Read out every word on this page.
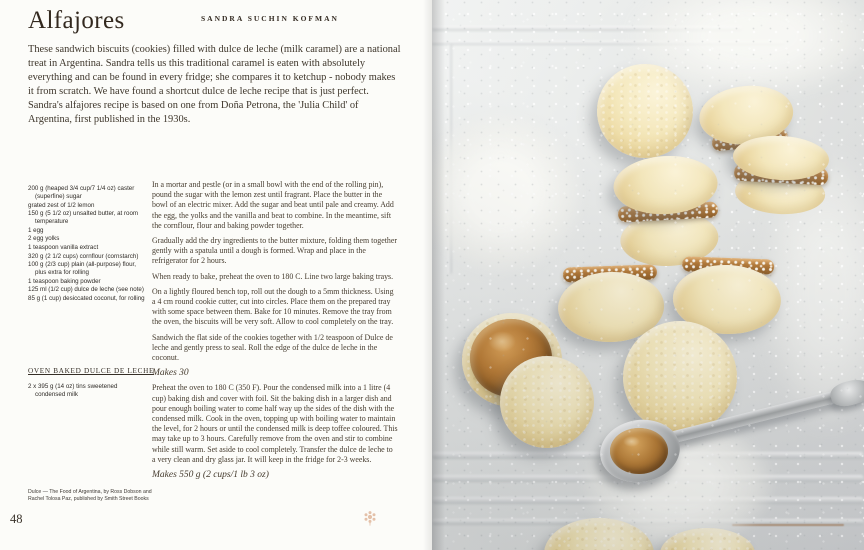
Alfajores	SANDRA SUCHIN KOFMAN
These sandwich biscuits (cookies) filled with dulce de leche (milk caramel) are a national treat in Argentina. Sandra tells us this traditional caramel is eaten with absolutely everything and can be found in every fridge; she compares it to ketchup - nobody makes it from scratch. We have found a shortcut dulce de leche recipe that is just perfect. Sandra's alfajores recipe is based on one from Doña Petrona, the 'Julia Child' of Argentina, first published in the 1930s.
200 g (heaped 3/4 cup/7 1/4 oz) caster (superfine) sugar
grated zest of 1/2 lemon
150 g (5 1/2 oz) unsalted butter, at room temperature
1 egg
2 egg yolks
1 teaspoon vanilla extract
320 g (2 1/2 cups) cornflour (cornstarch)
100 g (2/3 cup) plain (all-purpose) flour, plus extra for rolling
1 teaspoon baking powder
125 ml (1/2 cup) dulce de leche (see note)
85 g (1 cup) desiccated coconut, for rolling
OVEN BAKED DULCE DE LECHE
2 x 395 g (14 oz) tins sweetened condensed milk

In a mortar and pestle (or in a small bowl with the end of the rolling pin), pound the sugar with the lemon zest until fragrant. Place the butter in the bowl of an electric mixer. Add the sugar and beat until pale and creamy. Add the egg, the yolks and the vanilla and beat to combine. In the meantime, sift the cornflour, flour and baking powder together.

Gradually add the dry ingredients to the butter mixture, folding them together gently with a spatula until a dough is formed. Wrap and place in the refrigerator for 2 hours.

When ready to bake, preheat the oven to 180 C. Line two large baking trays.

On a lightly floured bench top, roll out the dough to a 5mm thickness. Using a 4 cm round cookie cutter, cut into circles. Place them on the prepared tray with some space between them. Bake for 10 minutes. Remove the tray from the oven, the biscuits will be very soft. Allow to cool completely on the tray.

Sandwich the flat side of the cookies together with 1/2 teaspoon of Dulce de leche and gently press to seal. Roll the edge of the dulce de leche in the coconut.

Makes 30

Preheat the oven to 180 C (350 F). Pour the condensed milk into a 1 litre (4 cup) baking dish and cover with foil. Sit the baking dish in a larger dish and pour enough boiling water to come half way up the sides of the dish with the condensed milk. Cook in the oven, topping up with boiling water to maintain the level, for 2 hours or until the condensed milk is deep toffee coloured. This may take up to 3 hours. Carefully remove from the oven and stir to combine while still warm. Set aside to cool completely. Transfer the dulce de leche to a very clean and dry glass jar. It will keep in the fridge for 2-3 weeks.

Makes 550 g (2 cups/1 lb 3 oz)

Dulce — The Food of Argentina, by Ross Dobson and Rachel Tolosa Paz, published by Smith Street Books
48
